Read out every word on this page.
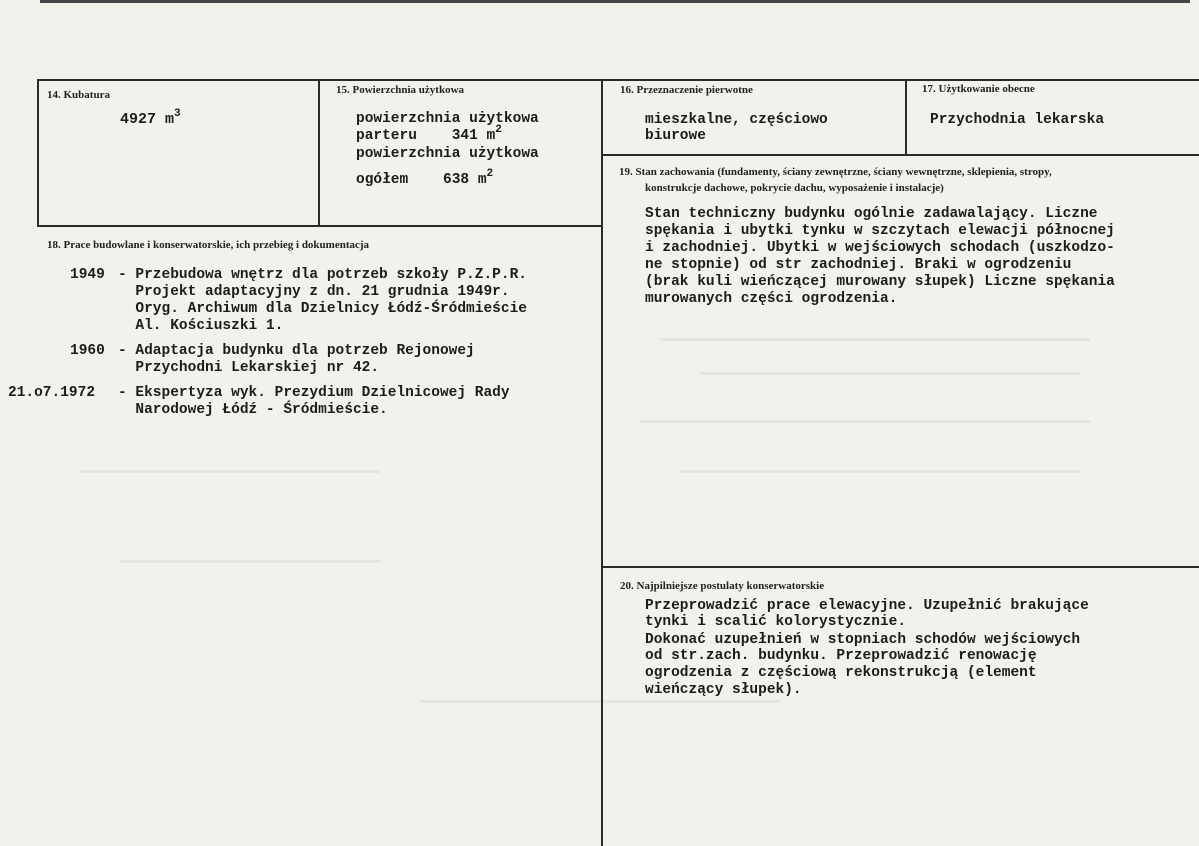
14. Kubatura
4927 $m^3$
15. Powierzchnia użytkowa
powierzchnia użytkowa
parteru 341 $m^2$
powierzchnia użytkowa
ogółem 638 $m^2$
16. Przeznaczenie pierwotne
mieszkalne, częściowo
biurowe
17. Użytkowanie obecne
Przychodnia lekarska
19. Stan zachowania (fundamenty, ściany zewnętrzne, ściany wewnętrzne, sklepienia, stropy,
konstrukcje dachowe, pokrycie dachu, wyposażenie i instalacje)
Stan techniczny budynku ogólnie zadawalający. Liczne
spękania i ubytki tynku w szczytach elewacji północnej
i zachodniej. Ubytki w wejściowych schodach (uszkodzo-
ne stopnie) od str zachodniej. Braki w ogrodzeniu
(brak kuli wieńczącej murowany słupek) Liczne spękania
murowanych części ogrodzenia.
18. Prace budowlane i konserwatorskie, ich przebieg i dokumentacja
1949 - Przebudowa wnętrz dla potrzeb szkoły P.Z.P.R.
Projekt adaptacyjny z dn. 21 grudnia 1949r.
Oryg. Archiwum dla Dzielnicy Łódź-Śródmieście
Al. Kościuszki 1.
1960 - Adaptacja budynku dla potrzeb Rejonowej
Przychodni Lekarskiej nr 42.
21.o7.1972 - Ekspertyza wyk. Prezydium Dzielnicowej Rady
Narodowej Łódź - Śródmieście.
20. Najpilniejsze postulaty konserwatorskie
Przeprowadzić prace elewacyjne. Uzupełnić brakujące
tynki i scalić kolorystycznie.
Dokonać uzupełnień w stopniach schodów wejściowych
od str.zach. budynku. Przeprowadzić renowację
ogrodzenia z częściową rekonstrukcją (element
wieńczący słupek).
